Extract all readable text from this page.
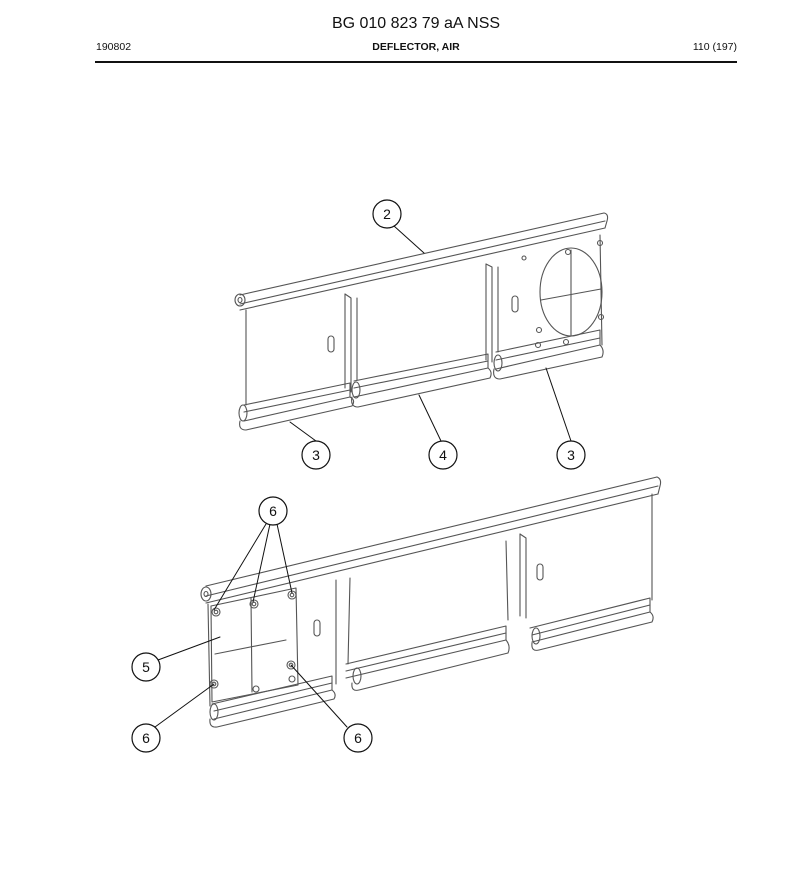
BG 010 823 79 aA NSS
190802	DEFLECTOR, AIR	110 (197)
2
3	4	3
6
5
6	6
